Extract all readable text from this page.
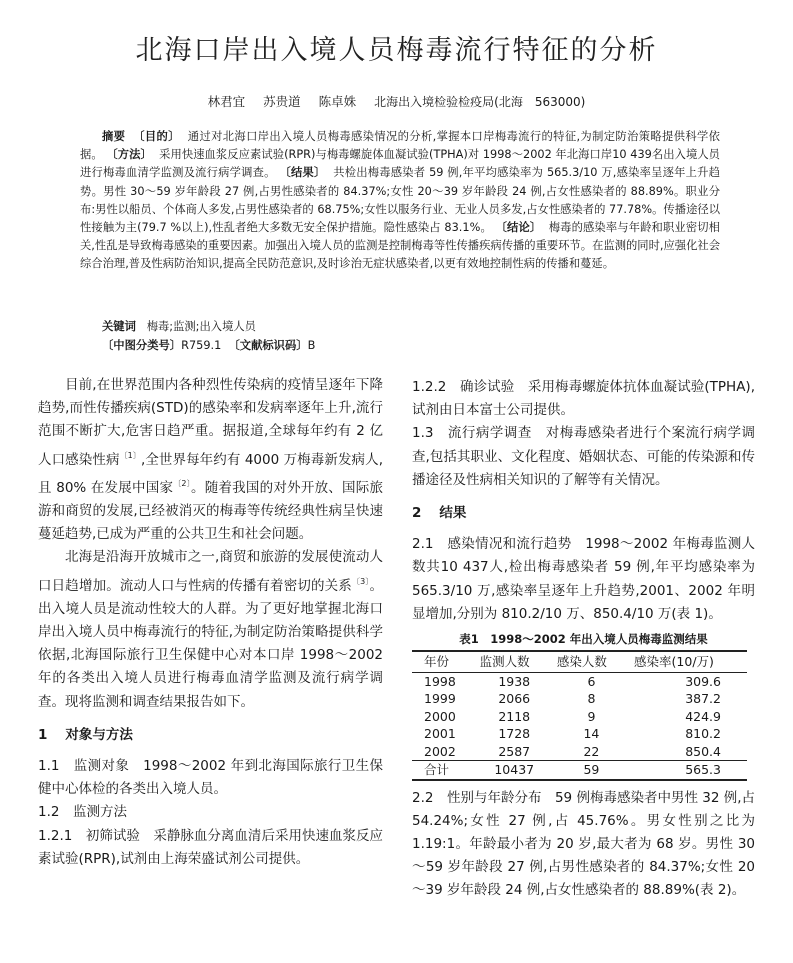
北海口岸出入境人员梅毒流行特征的分析
林君宜 苏贵道 陈卓姝 北海出入境检验检疫局(北海　563000)
摘要 〔目的〕 通过对北海口岸出入境人员梅毒感染情况的分析,掌握本口岸梅毒流行的特征,为制定防治策略提供科学依据。 〔方法〕 采用快速血浆反应素试验(RPR)与梅毒螺旋体血凝试验(TPHA)对 1998～2002 年北海口岸10 439名出入境人员进行梅毒血清学监测及流行病学调查。 〔结果〕 共检出梅毒感染者 59 例,年平均感染率为 565.3/10 万,感染率呈逐年上升趋势。男性 30～59 岁年龄段 27 例,占男性感染者的 84.37%;女性 20～39 岁年龄段 24 例,占女性感染者的 88.89%。职业分布:男性以船员、个体商人多发,占男性感染者的 68.75%;女性以服务行业、无业人员多发,占女性感染者的 77.78%。传播途径以性接触为主(79.7 %以上),性乱者绝大多数无安全保护措施。隐性感染占 83.1%。 〔结论〕 梅毒的感染率与年龄和职业密切相关,性乱是导致梅毒感染的重要因素。加强出入境人员的监测是控制梅毒等性传播疾病传播的重要环节。在监测的同时,应强化社会综合治理,普及性病防治知识,提高全民防范意识,及时诊治无症状感染者,以更有效地控制性病的传播和蔓延。
关键词 梅毒;监测;出入境人员
〔中图分类号〕R759.1 〔文献标识码〕B

目前,在世界范围内各种烈性传染病的疫情呈逐年下降趋势,而性传播疾病(STD)的感染率和发病率逐年上升,流行范围不断扩大,危害日趋严重。据报道,全球每年约有 2 亿人口感染性病$^{〔1〕}$,全世界每年约有 4000 万梅毒新发病人,且 80% 在发展中国家$^{〔2〕}$。随着我国的对外开放、国际旅游和商贸的发展,已经被消灭的梅毒等传统经典性病呈快速蔓延趋势,已成为严重的公共卫生和社会问题。

北海是沿海开放城市之一,商贸和旅游的发展使流动人口日趋增加。流动人口与性病的传播有着密切的关系$^{〔3〕}$。出入境人员是流动性较大的人群。为了更好地掌握北海口岸出入境人员中梅毒流行的特征,为制定防治策略提供科学依据,北海国际旅行卫生保健中心对本口岸 1998～2002 年的各类出入境人员进行梅毒血清学监测及流行病学调查。现将监测和调查结果报告如下。

1 对象与方法

1.1　监测对象　1998～2002 年到北海国际旅行卫生保健中心体检的各类出入境人员。

1.2　监测方法

1.2.1　初筛试验　采静脉血分离血清后采用快速血浆反应素试验(RPR),试剂由上海荣盛试剂公司提供。

1.2.2　确诊试验　采用梅毒螺旋体抗体血凝试验(TPHA),试剂由日本富士公司提供。

1.3　流行病学调查　对梅毒感染者进行个案流行病学调查,包括其职业、文化程度、婚姻状态、可能的传染源和传播途径及性病相关知识的了解等有关情况。

2 结果

2.1　感染情况和流行趋势　1998～2002 年梅毒监测人数共10 437人,检出梅毒感染者 59 例,年平均感染率为 565.3/10 万,感染率呈逐年上升趋势,2001、2002 年明显增加,分别为 810.2/10 万、850.4/10 万(表 1)。

表1　1998～2002 年出入境人员梅毒监测结果
年份	监测人数	感染人数	感染率(10/万)
1998	1938	6	309.6
1999	2066	8	387.2
2000	2118	9	424.9
2001	1728	14	810.2
2002	2587	22	850.4
合计	10437	59	565.3

2.2　性别与年龄分布　59 例梅毒感染者中男性 32 例,占 54.24%;女性 27 例,占 45.76%。男女性别之比为 1.19:1。年龄最小者为 20 岁,最大者为 68 岁。男性 30～59 岁年龄段 27 例,占男性感染者的 84.37%;女性 20～39 岁年龄段 24 例,占女性感染者的 88.89%(表 2)。
